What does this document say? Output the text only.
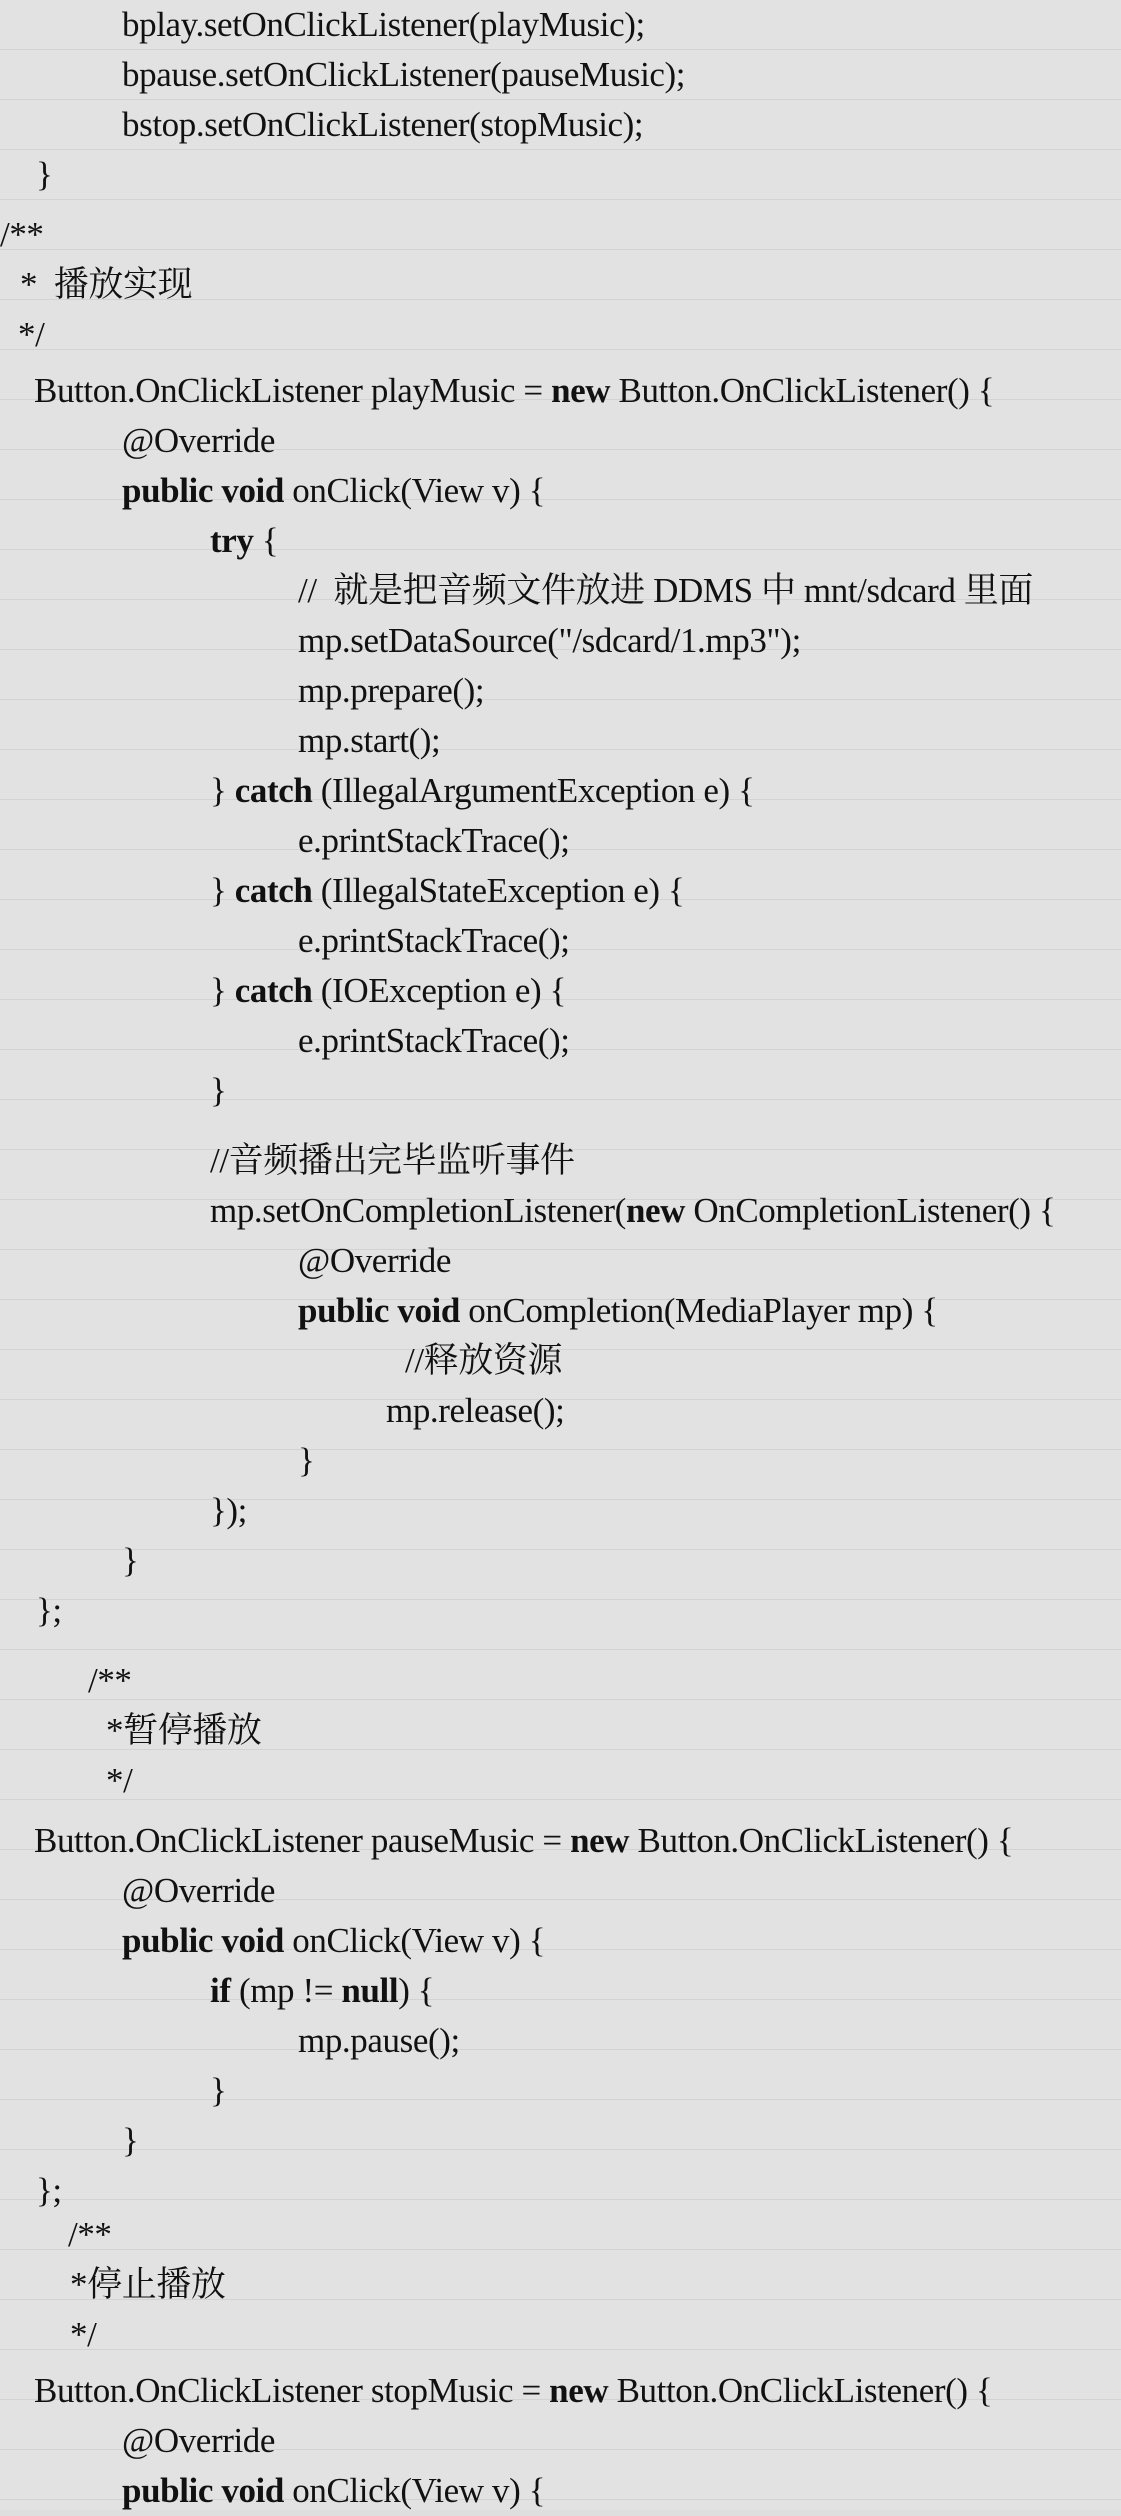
bplay.setOnClickListener(playMusic);
bpause.setOnClickListener(pauseMusic);
bstop.setOnClickListener(stopMusic);
}
/**
*  播放实现
*/
Button.OnClickListener playMusic = new Button.OnClickListener() {
@Override
public void onClick(View v) {
try {
//  就是把音频文件放进 DDMS 中 mnt/sdcard 里面
mp.setDataSource("/sdcard/1.mp3");
mp.prepare();
mp.start();
} catch (IllegalArgumentException e) {
e.printStackTrace();
} catch (IllegalStateException e) {
e.printStackTrace();
} catch (IOException e) {
e.printStackTrace();
}
//音频播出完毕监听事件
mp.setOnCompletionListener(new OnCompletionListener() {
@Override
public void onCompletion(MediaPlayer mp) {
//释放资源
mp.release();
}
});
}
};
/**
*暂停播放
*/
Button.OnClickListener pauseMusic = new Button.OnClickListener() {
@Override
public void onClick(View v) {
if (mp != null) {
mp.pause();
}
}
};
/**
*停止播放
*/
Button.OnClickListener stopMusic = new Button.OnClickListener() {
@Override
public void onClick(View v) {
